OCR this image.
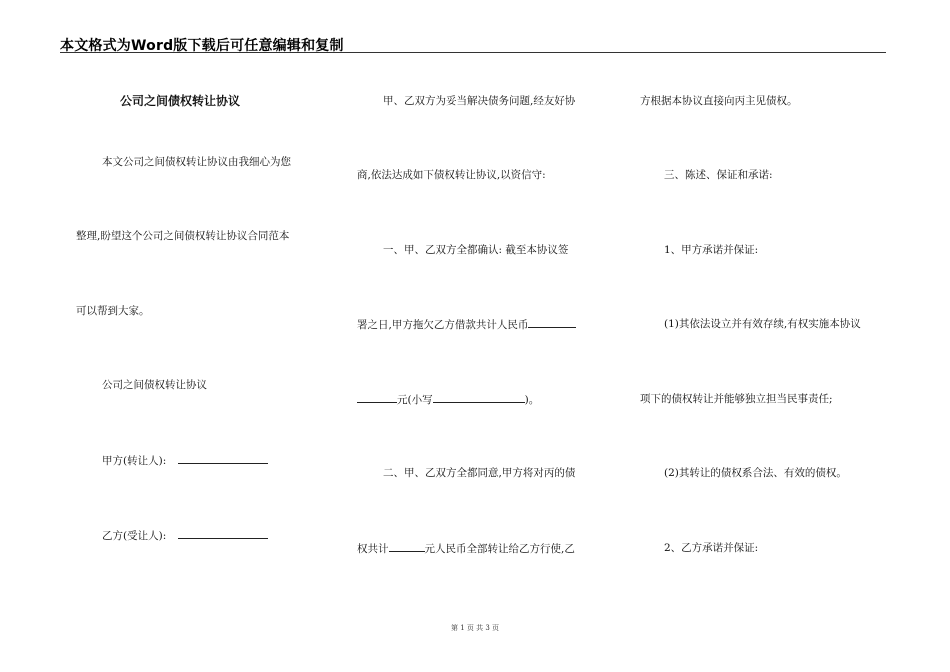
本文格式为Word版下载后可任意编辑和复制
公司之间债权转让协议
本文公司之间债权转让协议由我细心为您
整理,盼望这个公司之间债权转让协议合同范本
可以帮到大家。
公司之间债权转让协议
甲方(转让人):
乙方(受让人):
甲、乙双方为妥当解决债务问题,经友好协
商,依法达成如下债权转让协议,以资信守:
一、甲、乙双方全都确认: 截至本协议签
署之日,甲方拖欠乙方借款共计人民币
元(小写	)。
二、甲、乙双方全都同意,甲方将对丙的债
权共计	元人民币全部转让给乙方行使,乙
方根据本协议直接向丙主见债权。
三、陈述、保证和承诺:
1、甲方承诺并保证:
(1)其依法设立并有效存续,有权实施本协议
项下的债权转让并能够独立担当民事责任;
(2)其转让的债权系合法、有效的债权。
2、乙方承诺并保证:
第 1 页 共 3 页
